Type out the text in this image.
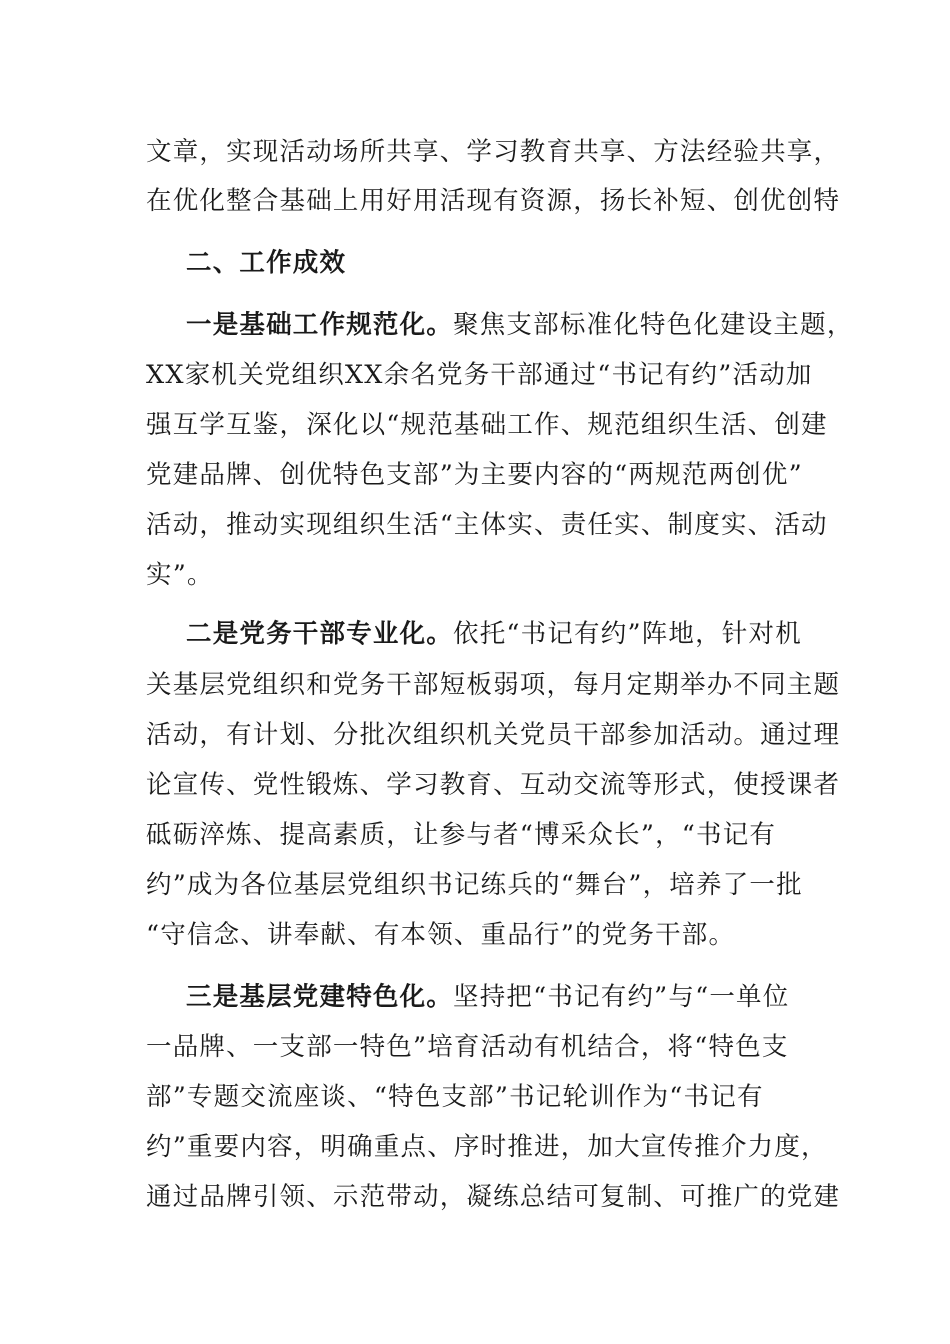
文章，实现活动场所共享、学习教育共享、方法经验共享，
在优化整合基础上用好用活现有资源，扬长补短、创优创特
二、工作成效
一是基础工作规范化。聚焦支部标准化特色化建设主题，
XX家机关党组织XX余名党务干部通过“书记有约”活动加
强互学互鉴，深化以“规范基础工作、规范组织生活、创建
党建品牌、创优特色支部”为主要内容的“两规范两创优”
活动，推动实现组织生活“主体实、责任实、制度实、活动
实”。
二是党务干部专业化。依托“书记有约”阵地，针对机
关基层党组织和党务干部短板弱项，每月定期举办不同主题
活动，有计划、分批次组织机关党员干部参加活动。通过理
论宣传、党性锻炼、学习教育、互动交流等形式，使授课者
砥砺淬炼、提高素质，让参与者“博采众长”，“书记有
约”成为各位基层党组织书记练兵的“舞台”，培养了一批
“守信念、讲奉献、有本领、重品行”的党务干部。
三是基层党建特色化。坚持把“书记有约”与“一单位
一品牌、一支部一特色”培育活动有机结合，将“特色支
部”专题交流座谈、“特色支部”书记轮训作为“书记有
约”重要内容，明确重点、序时推进，加大宣传推介力度，
通过品牌引领、示范带动，凝练总结可复制、可推广的党建
